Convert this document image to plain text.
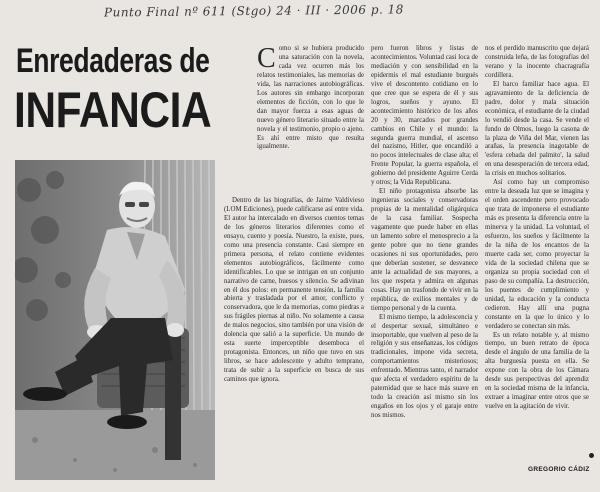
Punto Final nº 611 (Stgo) 24 · III · 2006 p. 18
Enredaderas de
INFANCIA
C omo si se hubiera producido una saturación con la novela, cada vez ocurren más los relatos testimoniales, las memorias de vida, las narraciones autobiográficas. Los autores sin embargo incorporan elementos de ficción, con lo que le dan mayor fuerza a esas aguas de nuevo género literario situado entre la novela y el testimonio, propio o ajeno. Es ahí entre misto que resulta igualmente.

Dentro de las biografías, de Jaime Valdivieso (LOM Ediciones), puede calificarse así entre vida. El autor ha intercalado en diversos cuentos temas de los géneros literarios diferentes como el ensayo, cuento y poesía. Nuestro, la existe, pues, como una presencia constante. Casi siempre en primera persona, el relato contiene evidentes elementos autobiográficos, fácilmente como identificables. Lo que se intrigan en un conjunto narrativo de carne, huesos y silencio. Se adivinan en él dos polos: en permanente tensión, la familia abierta y trasladada por el amor, conflicto y conservadora, que le da memorias, como piedras a sus frágiles piernas al niño. No solamente a causa de malos negocios, sino también por una visión de dolencia que salió a la superficie. Un mundo de esta suerte imperceptible desemboca el protagonista. Entonces, un niño que tuvo en sus libros, se hace adolescente y adulto temprano, trata de subir a la superficie en busca de sus caminos que ignora.

pero fueron libros y listas de acontecimientos. Voluntad casi loca de mediación y con sensibilidad en la epidermis el mal estudiante burgués vive el descontento cotidiano en lo que cree que se espera de él y sus logros, sueños y ayuno. El acontecimiento histórico de los años 20 y 30, marcados por grandes cambios en Chile y el mundo: la segunda guerra mundial, el ascenso del nazismo, Hitler, que encandiló a no pocos intelectuales de clase alta; el Frente Popular, la guerra española, el gobierno del presidente Aguirre Cerda y otros; la Vida Republicana.

El niño protagonista absorbe las ingenieras sociales y conservadoras propias de la mentalidad oligárquica de la casa familiar. Sospecha vagamente que puede haber en ellas un lamento sobre el menosprecio a la gente pobre que no tiene grandes ocasiones ni sus oportunidades, pero que deberían sostener, se desvanece ante la actualidad de sus mayores, a los que respeta y admira en algunas cosas. Hay un trasfondo de vivir en la república, de exilios mentales y de tiempo personal y de la cuenta.

El mismo tiempo, la adolescencia y el despertar sexual, simultáneo e insoportable, que vuelven al peso de la religión y sus enseñanzas, los códigos tradicionales, impone vida secreta, comportamientos misteriosos; enfrentado. Mientras tanto, el narrador que afecta el verdadero espíritu de la paternidad que se hace más suave en todo la creación así mismo sin los engaños en los ojos y el garaje entre nos mismos.

nos el perdido manuscrito que dejará construida leña, de las fotografías del verano y la inocente chacragrafía cordillera.

El barco familiar hace agua. El agravamiento de la deficiencia de padre, dolor y mala situación económica, el estudiante de la ciudad lo vendió desde la casa. Se vende el fundo de Olmos, luego la casona de la plaza de Viña del Mar, vienen las arañas, la presencia inagotable de 'esfera cebada del palmito', la salud en una desesperación de tercera edad, la crisis en muchos solitarios.

Así como hay un compromiso entre la deseada luz que se imagina y el orden ascendente pero provocado que trata de imponerse el estudiante más es presenta la diferencia entre la minerva y la unidad. La voluntad, el esfuerzo, los sueños y fácilmente la de la niña de los encantos de la muerte cada ser, como proyectar la vida de la sociedad chilena que se organiza su propia sociedad con el paso de su compañía. La destrucción, los puentes de cumplimiento y unidad, la educación y la conducta cedieron. Hay allí una pugna constante en la que lo único y lo verdadero se conectan sin más.

Es un relato notable y, al mismo tiempo, un buen retrato de época desde el ángulo de una familia de la alta burguesía puesta en ella. Se expone con la obra de los Cámara desde sus perspectivas del aprendiz en la sociedad misma de la infancia, extraer a imaginar entre otros que se vuelve en la agitación de vivir.

GREGORIO CÁDIZ
